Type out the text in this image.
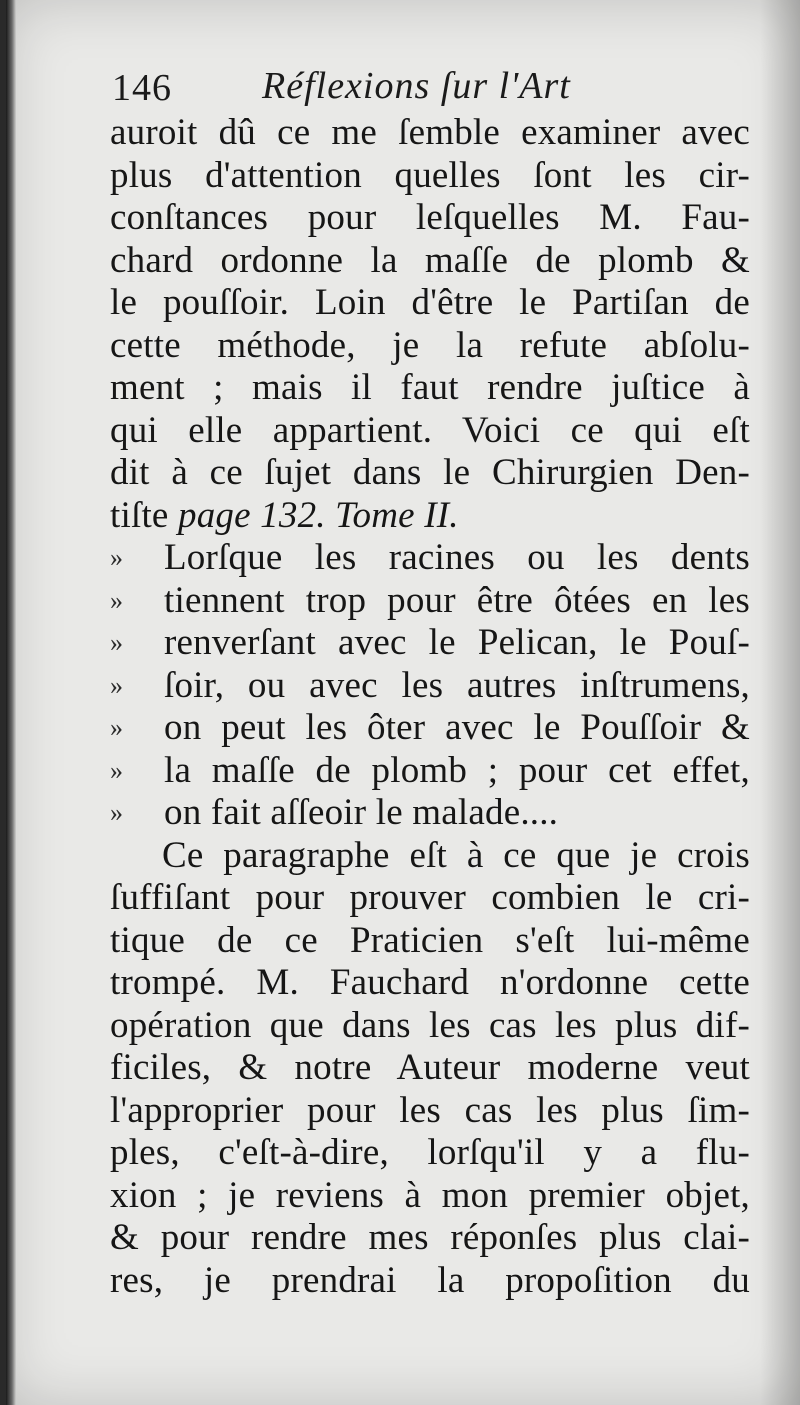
146 Réflexions ſur l'Art
auroit dû ce me ſemble examiner avec
plus d'attention quelles ſont les cir-
conſtances pour leſquelles M. Fau-
chard ordonne la maſſe de plomb &
le pouſſoir. Loin d'être le Partiſan de
cette méthode, je la refute abſolu-
ment ; mais il faut rendre juſtice à
qui elle appartient. Voici ce qui eſt
dit à ce ſujet dans le Chirurgien Den-
tiſte page 132. Tome II.
»	Lorſque les racines ou les dents
»	tiennent trop pour être ôtées en les
»	renverſant avec le Pelican, le Pouſ-
»	ſoir, ou avec les autres inſtrumens,
»	on peut les ôter avec le Pouſſoir &
»	la maſſe de plomb ; pour cet effet,
»	on fait aſſeoir le malade....
Ce paragraphe eſt à ce que je crois
ſuffiſant pour prouver combien le cri-
tique de ce Praticien s'eſt lui-même
trompé. M. Fauchard n'ordonne cette
opération que dans les cas les plus dif-
ficiles, & notre Auteur moderne veut
l'approprier pour les cas les plus ſim-
ples, c'eſt-à-dire, lorſqu'il y a flu-
xion ; je reviens à mon premier objet,
& pour rendre mes réponſes plus clai-
res, je prendrai la propoſition du
